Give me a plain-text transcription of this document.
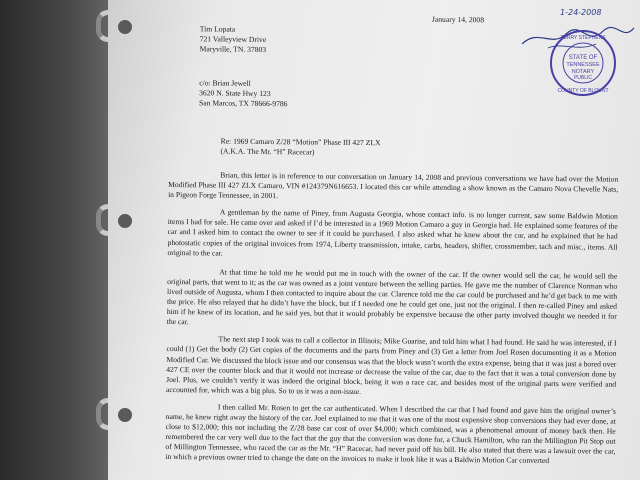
1-24-2008
STATE OF
TENNESSEE
NOTARY
PUBLIC
TERRY STEPHENS
COUNTY OF BLOUNT
January 14, 2008
Tim Lopata
721 Valleyview Drive
Maryville, TN. 37803
c/o: Brian Jewell
3620 N. State Hwy 123
San Marcos, TX 78666-9786
Re: 1969 Camaro Z/28 “Motion” Phase III 427 ZLX
(A.K.A. The Mr. “H” Racecar)

Brian, this letter is in reference to our conversation on January 14, 2008 and previous conversations we have had over the Motion Modified Phase III 427 ZLX Camaro, VIN #124379N616653. I located this car while attending a show known as the Camaro Nova Chevelle Nats, in Pigeon Forge Tennessee, in 2001.

A gentleman by the name of Piney, from Augusta Georgia, whose contact info. is no longer current, saw some Baldwin Motion items I had for sale. He came over and asked if I’d be interested in a 1969 Motion Camaro a guy in Georgia had. He explained some features of the car and I asked him to contact the owner to see if it could be purchased. I also asked what he knew about the car, and he explained that he had photostatic copies of the original invoices from 1974, Liberty transmission, intake, carbs, headers, shifter, crossmember, tach and misc., items. All original to the car.

At that time he told me he would put me in touch with the owner of the car. If the owner would sell the car, he would sell the original parts, that went to it; as the car was owned as a joint venture between the selling parties. He gave me the number of Clarence Norman who lived outside of Augusta, whom I then contacted to inquire about the car. Clarence told me the car could be purchased and he’d get back to me with the price. He also relayed that he didn’t have the block, but if I needed one he could get one, just not the original. I then re-called Piney and asked him if he knew of its location, and he said yes, but that it would probably be expensive because the other party involved thought we needed it for the car.

The next step I took was to call a collector in Illinois; Mike Guarise, and told him what I had found. He said he was interested, if I could (1) Get the body (2) Get copies of the documents and the parts from Piney and (3) Get a letter from Joel Rosen documenting it as a Motion Modified Car. We discussed the block issue and our consensus was that the block wasn’t worth the extra expense, being that it was just a bored over 427 CE over the counter block and that it would not increase or decrease the value of the car, due to the fact that it was a total conversion done by Joel. Plus, we couldn’t verify it was indeed the original block, being it was a race car, and besides most of the original parts were verified and accounted for, which was a big plus. So to us it was a non-issue.

I then called Mr. Rosen to get the car authenticated. When I described the car that I had found and gave him the original owner’s name, he knew right away the history of the car. Joel explained to me that it was one of the most expensive shop conversions they had ever done, at close to $12,000; this not including the Z/28 base car cost of over $4,000; which combined, was a phenomenal amount of money back then. He remembered the car very well due to the fact that the guy that the conversion was done for, a Chuck Hamilton, who ran the Millington Pit Stop out of Millington Tennessee, who raced the car as the Mr. “H” Racecar, had never paid off his bill. He also stated that there was a lawsuit over the car, in which a previous owner tried to change the date on the invoices to make it look like it was a Baldwin Motion Car converted
